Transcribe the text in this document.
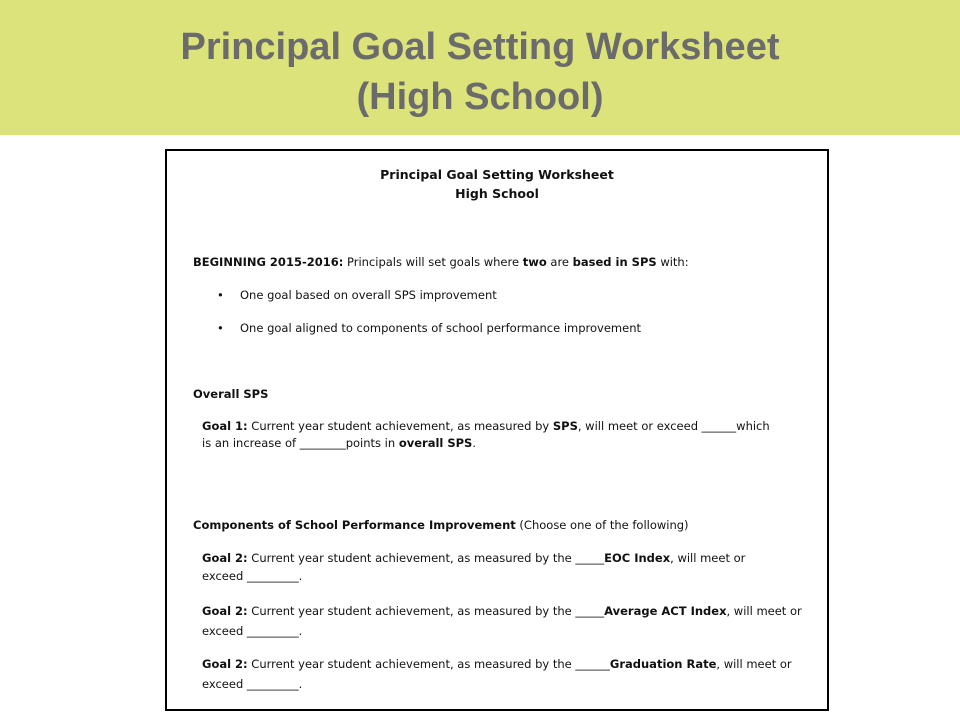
Principal Goal Setting Worksheet
(High School)
Principal Goal Setting Worksheet
High School
BEGINNING 2015-2016: Principals will set goals where two are based in SPS with:
• One goal based on overall SPS improvement
• One goal aligned to components of school performance improvement
Overall SPS
Goal 1: Current year student achievement, as measured by SPS, will meet or exceed ______which
is an increase of ________points in overall SPS.
Components of School Performance Improvement (Choose one of the following)
Goal 2: Current year student achievement, as measured by the _____EOC Index, will meet or
exceed _________.
Goal 2: Current year student achievement, as measured by the _____Average ACT Index, will meet or
exceed _________.
Goal 2: Current year student achievement, as measured by the ______Graduation Rate, will meet or
exceed _________.
